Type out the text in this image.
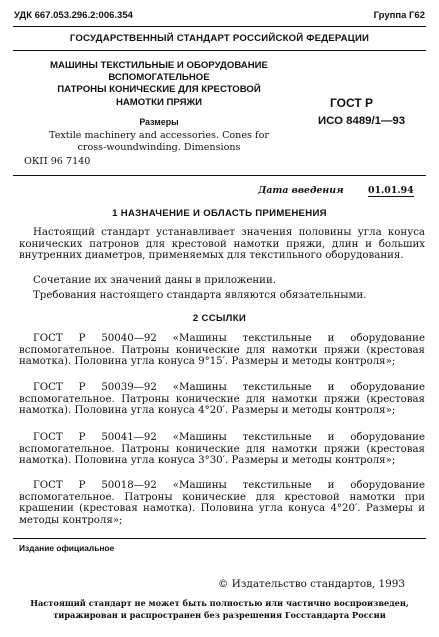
УДК 667.053.296.2:006.354	Группа Г62
ГОСУДАРСТВЕННЫЙ СТАНДАРТ РОССИЙСКОЙ ФЕДЕРАЦИИ
МАШИНЫ ТЕКСТИЛЬНЫЕ И ОБОРУДОВАНИЕ
ВСПОМОГАТЕЛЬНОЕ
ПАТРОНЫ КОНИЧЕСКИЕ ДЛЯ КРЕСТОВОЙ
НАМОТКИ ПРЯЖИ
Размеры
Textile machinery and accessories. Cones for
cross-woundwinding. Dimensions
ОКП 96 7140
ГОСТ Р
ИСО 8489/1—93
Дата введения	01.01.94
1 НАЗНАЧЕНИЕ И ОБЛАСТЬ ПРИМЕНЕНИЯ
Настоящий стандарт устанавливает значения половины угла конуса конических патронов для крестовой намотки пряжи, длин и больших внутренних диаметров, применяемых для текстильного оборудования.
Сочетание их значений даны в приложении.
Требования настоящего стандарта являются обязательными.
2 ССЫЛКИ
ГОСТ Р 50040—92 «Машины текстильные и оборудование вспомогательное. Патроны конические для намотки пряжи (крестовая намотка). Половина угла конуса 9°15′. Размеры и методы контроля»;
ГОСТ Р 50039—92 «Машины текстильные и оборудование вспомогательное. Патроны конические для намотки пряжи (крестовая намотка). Половина угла конуса 4°20′. Размеры и методы контроля»;
ГОСТ Р 50041—92 «Машины текстильные и оборудование вспомогательное. Патроны конические для намотки пряжи (крестовая намотка). Половина угла конуса 3°30′. Размеры и методы контроля»;
ГОСТ Р 50018—92 «Машины текстильные и оборудование вспомогательное. Патроны конические для крестовой намотки при крашении (крестовая намотка). Половина угла конуса 4°20′. Размеры и методы контроля»;
Издание официальное
© Издательство стандартов, 1993
Настоящий стандарт не может быть полностью или частично воспроизведен,
тиражирован и распространен без разрешения Госстандарта России
